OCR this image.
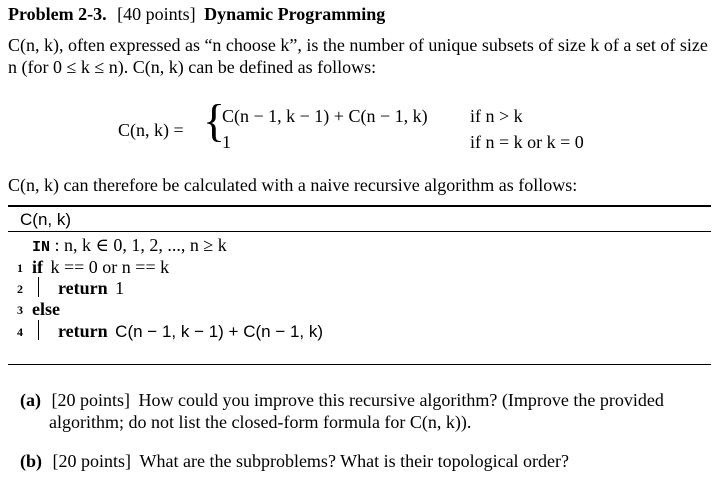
Problem 2-3. [40 points] Dynamic Programming
C(n, k), often expressed as “n choose k”, is the number of unique subsets of size k of a set of size
n (for 0 ≤ k ≤ n). C(n, k) can be defined as follows:
C(n, k) = {
C(n − 1, k − 1) + C(n − 1, k) if n > k
1	if n = k or k = 0
C(n, k) can therefore be calculated with a naive recursive algorithm as follows:
C(n, k)
IN : n, k ∈ 0, 1, 2, ..., n ≥ k
1 if k == 0 or n == k
2 return 1
3 else
4 return C(n − 1, k − 1) + C(n − 1, k)
(a) [20 points] How could you improve this recursive algorithm? (Improve the provided
algorithm; do not list the closed-form formula for C(n, k)).
(b) [20 points] What are the subproblems? What is their topological order?
